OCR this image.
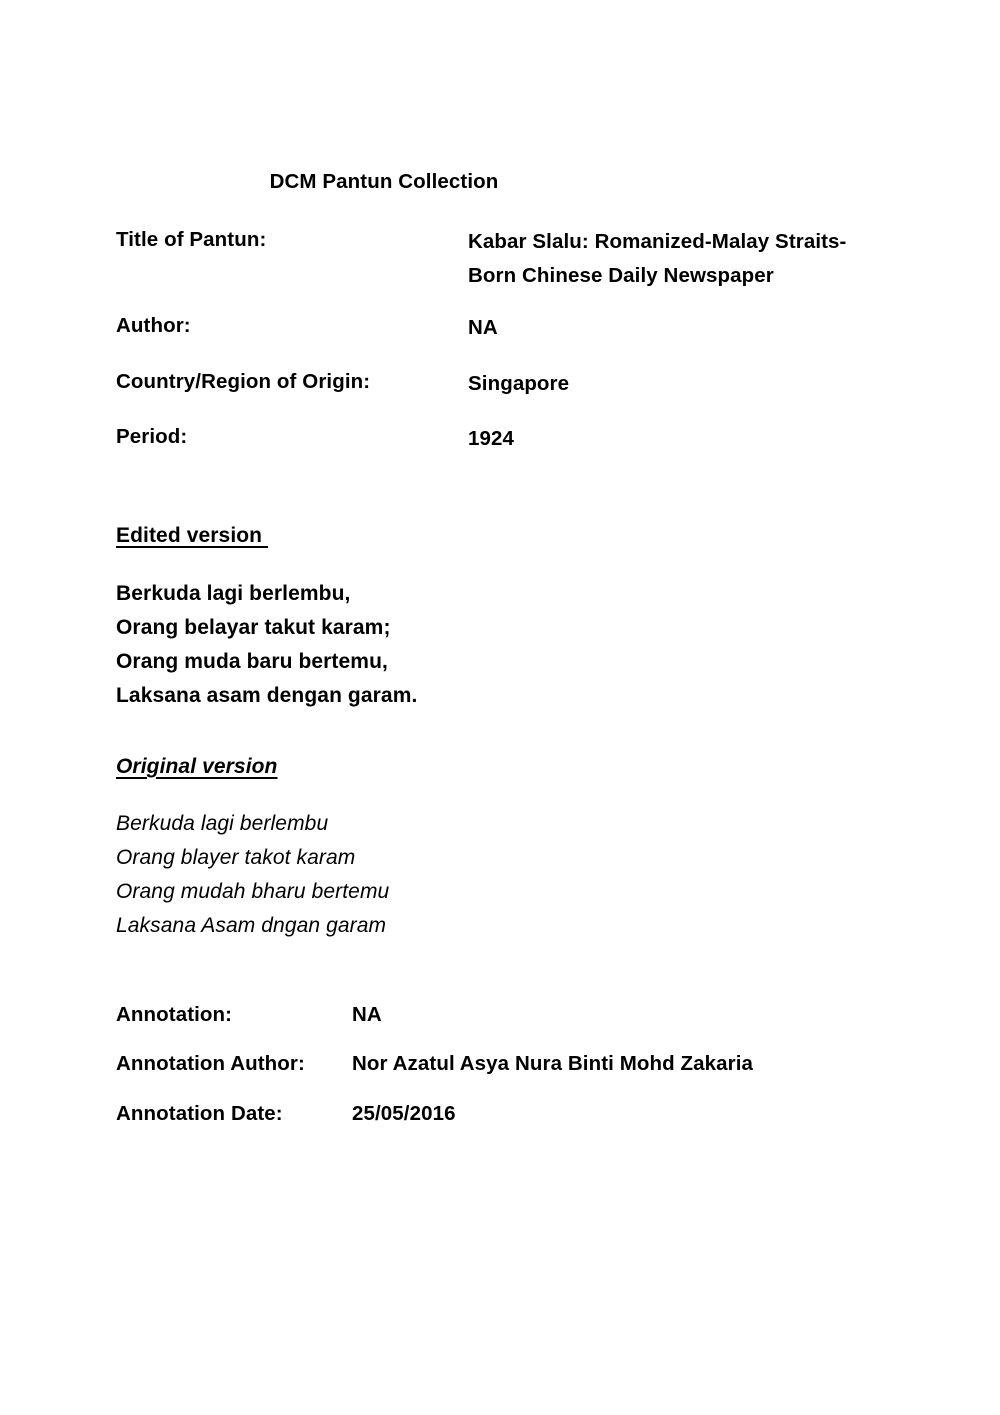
DCM Pantun Collection
Title of Pantun:	Kabar Slalu: Romanized-Malay Straits-Born Chinese Daily Newspaper
Author:	NA
Country/Region of Origin:	Singapore
Period:	1924
Edited version
Berkuda lagi berlembu,
Orang belayar takut karam;
Orang muda baru bertemu,
Laksana asam dengan garam.
Original version
Berkuda lagi berlembu
Orang blayer takot karam
Orang mudah bharu bertemu
Laksana Asam dngan garam
Annotation:	NA
Annotation Author:	Nor Azatul Asya Nura Binti Mohd Zakaria
Annotation Date:	25/05/2016
